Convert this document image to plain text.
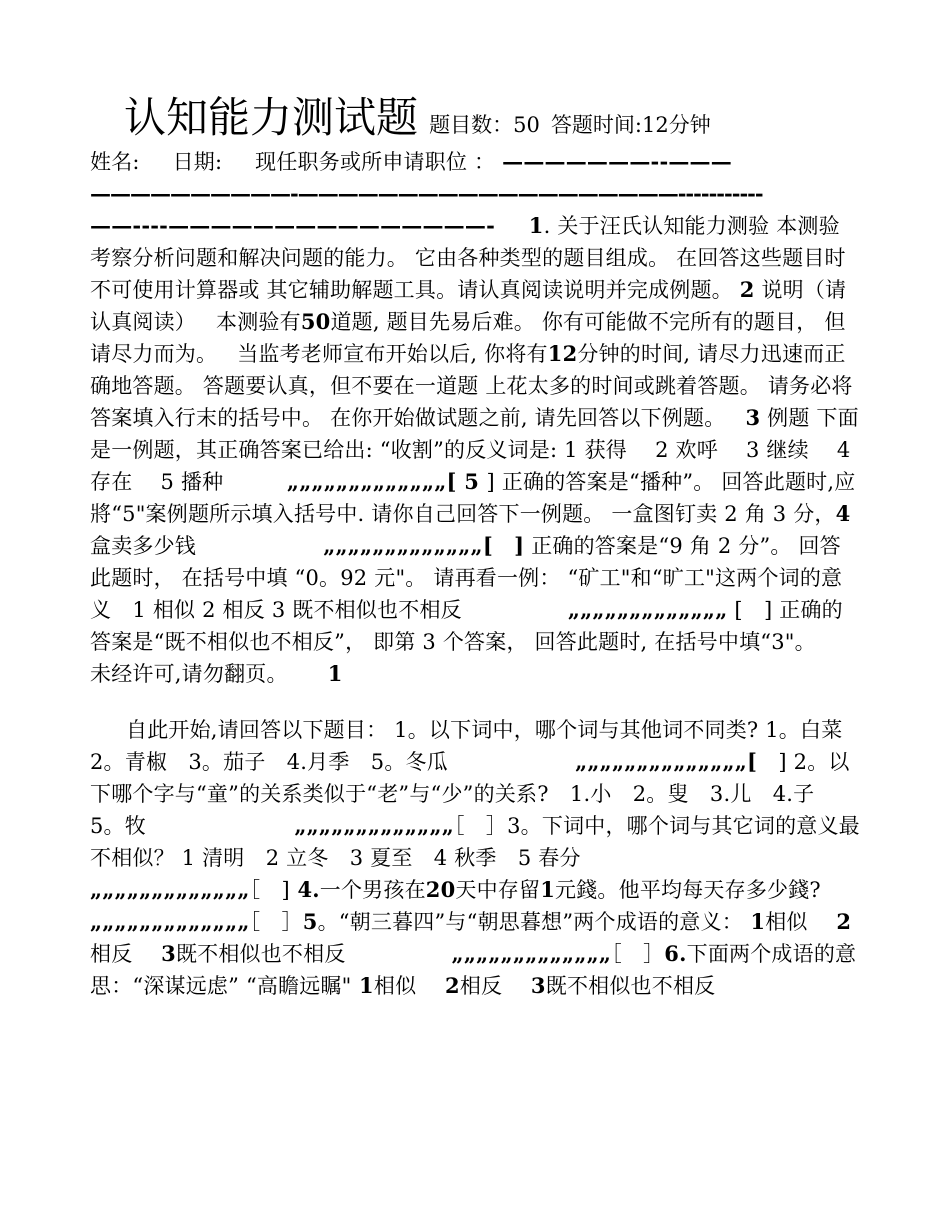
认知能力测试题 题目数：50 答题时间:12分钟
姓名: 日期: 现任职务或所申请职位 ： ———————--———
——————————-———————————————————-----------
——----———————————————- 1. 关于汪氏认知能力测验 本测验考察分析问题和解决问题的能力。 它由各种类型的题目组成。 在回答这些题目时不可使用计算器或 其它辅助解题工具。请认真阅读说明并完成例题。 2 说明（请认真阅读） 本测验有50道题, 题目先易后难。 你有可能做不完所有的题目， 但请尽力而为。 当监考老师宣布开始以后, 你将有12分钟的时间, 请尽力迅速而正确地答题。 答题要认真，但不要在一道题 上花太多的时间或跳着答题。 请务必将答案填入行末的括号中。 在你开始做试题之前, 请先回答以下例题。 3 例题 下面是一例题，其正确答案已给出: “收割”的反义词是: 1 获得　 2 欢呼　 3 继续　 4 存在　 5 播种　　　„„„„„„„„„„„„„[ 5 ] 正确的答案是“播种”。 回答此题时,应將“5"案例题所示填入括号中. 请你自己回答下一例题。 一盒图钉卖 2 角 3 分，4 盒卖多少钱　　　　　　„„„„„„„„„„„„„[　] 正确的答案是“9 角 2 分”。 回答此题时， 在括号中填 “0。92 元"。 请再看一例： “矿工"和“旷工"这两个词的意义　1 相似 2 相反 3 既不相似也不相反　　　　　„„„„„„„„„„„„„ [　] 正确的答案是“既不相似也不相反”， 即第 3 个答案， 回答此题时, 在括号中填“3"。　　未经许可,请勿翻页。 1

自此开始,请回答以下题目： 1。以下词中，哪个词与其他词不同类? 1。白菜　2。青椒　3。茄子　4.月季　5。冬瓜　　　　　　„„„„„„„„„„„„„„[　] 2。以下哪个字与“童”的关系类似于“老”与“少”的关系?　1.小　2。叟　3.儿　4.子　5。牧　　　　　　　„„„„„„„„„„„„„［　］3。下词中，哪个词与其它词的意义最不相似？ 1 清明　2 立冬　3 夏至　4 秋季　5 春分　　　　„„„„„„„„„„„„„［　] 4.一个男孩在20天中存留1元錢。他平均每天存多少錢?　　　„„„„„„„„„„„„„［　］5。“朝三暮四”与“朝思暮想”两个成语的意义： 1相似　 2相反　 3既不相似也不相反　　　　　„„„„„„„„„„„„„［　］6.下面两个成语的意思：“深谋远虑” “高瞻远瞩" 1相似　 2相反　 3既不相似也不相反
